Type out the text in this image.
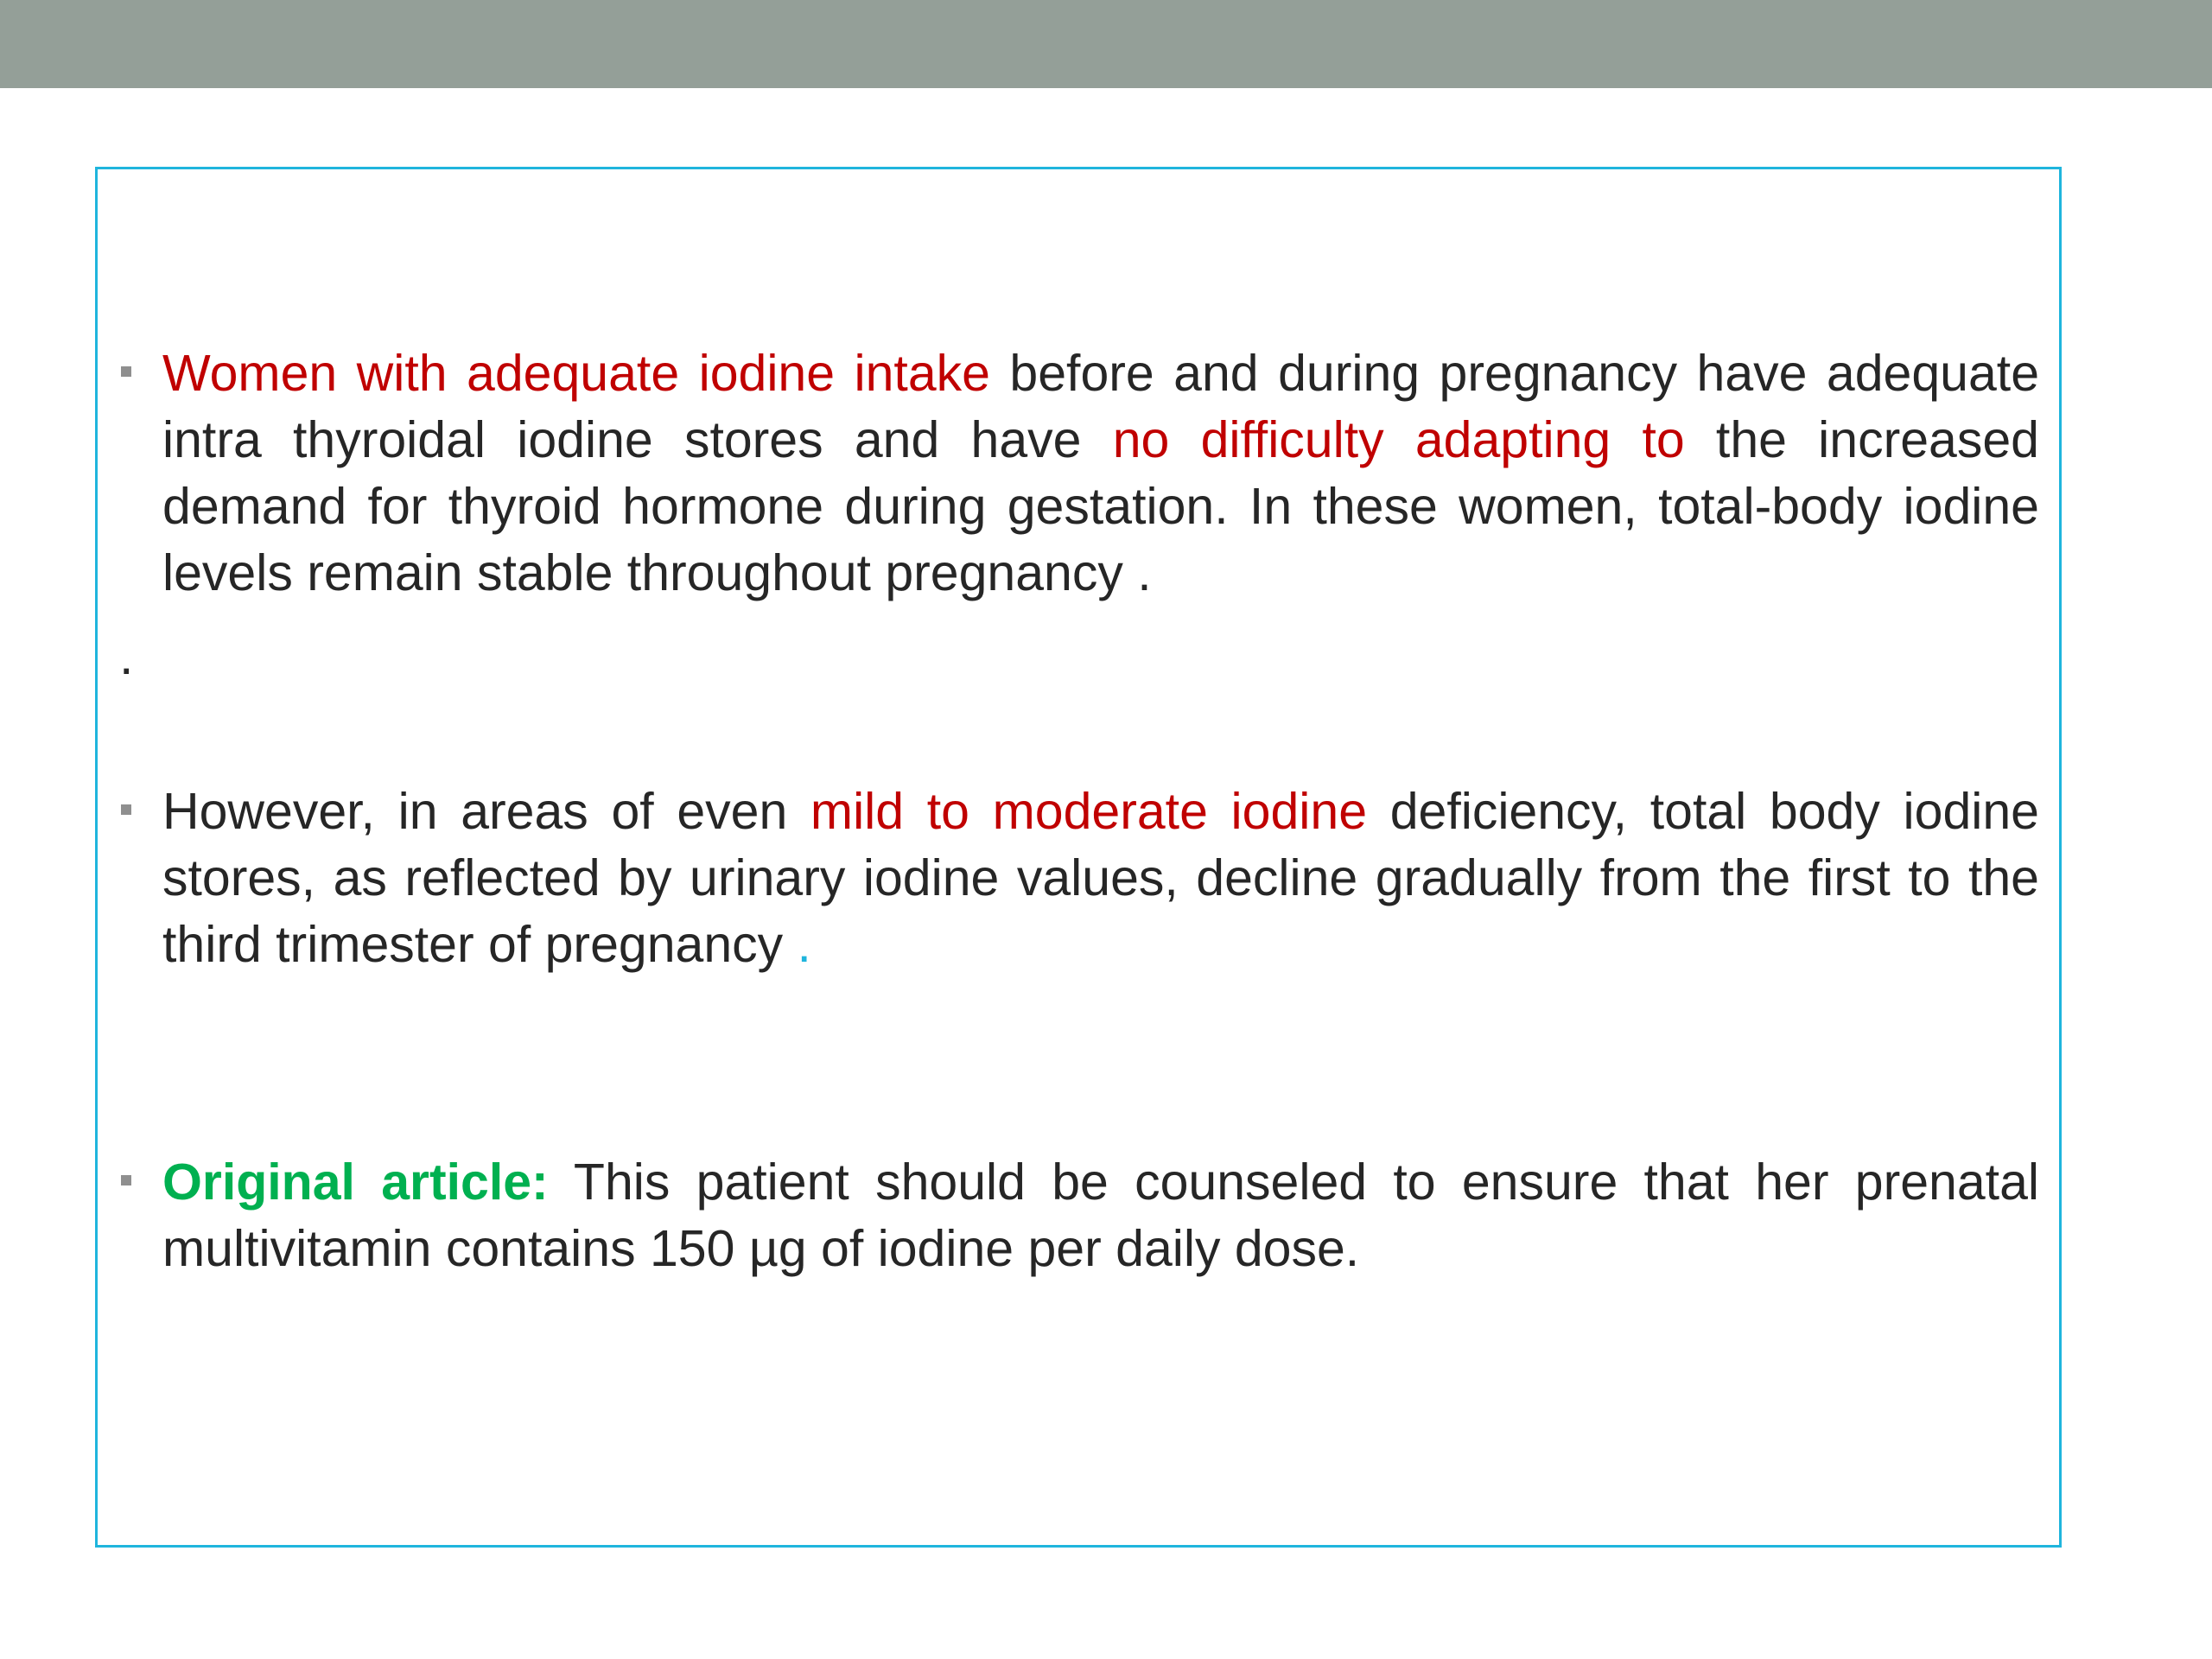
Women with adequate iodine intake before and during pregnancy have adequate intra thyroidal iodine stores and have no difficulty adapting to the increased demand for thyroid hormone during gestation. In these women, total-body iodine levels remain stable throughout pregnancy .
.
However, in areas of even mild to moderate iodine deficiency, total body iodine stores, as reflected by urinary iodine values, decline gradually from the first to the third trimester of pregnancy .
Original article: This patient should be counseled to ensure that her prenatal multivitamin contains 150 µg of iodine per daily dose.
